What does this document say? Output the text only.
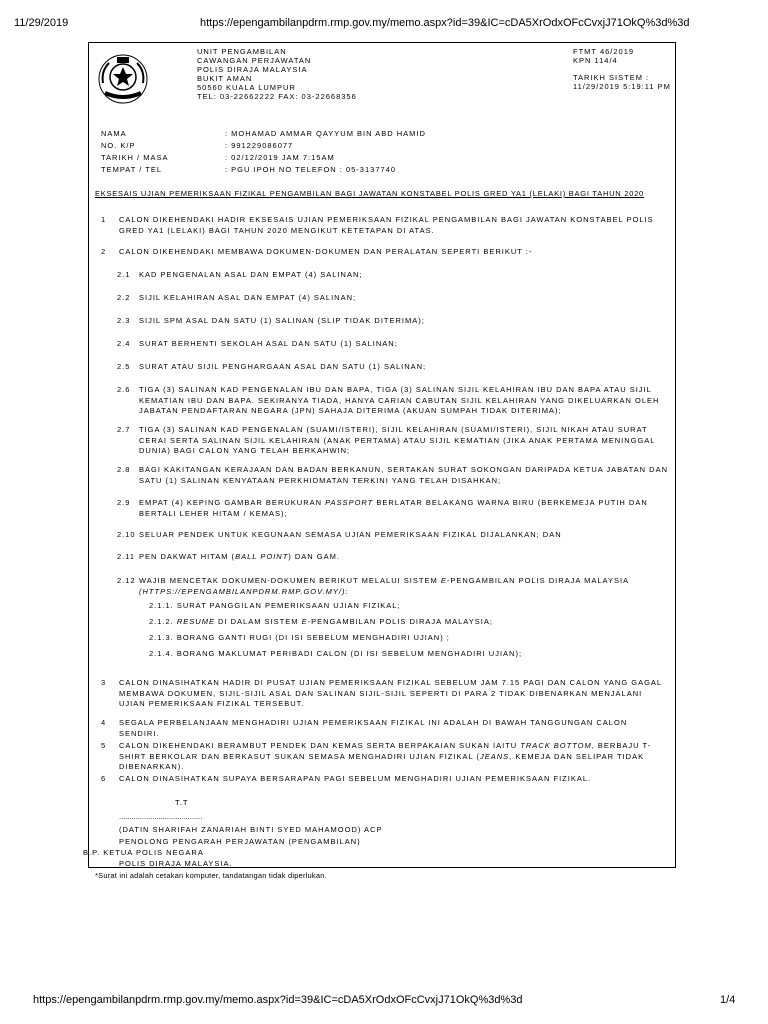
11/29/2019	https://epengambilanpdrm.rmp.gov.my/memo.aspx?id=39&IC=cDA5XrOdxOFcCvxjJ71OkQ%3d%3d
UNIT PENGAMBILAN
CAWANGAN PERJAWATAN
POLIS DIRAJA MALAYSIA
BUKIT AMAN
50560 KUALA LUMPUR
TEL: 03-22662222 FAX: 03-22668356
FTMT 46/2019
KPN 114/4
TARIKH SISTEM :
11/29/2019 5:19:11 PM
NAMA	: MOHAMAD AMMAR QAYYUM BIN ABD HAMID
NO. K/P	: 991229086077
TARIKH / MASA	: 02/12/2019 JAM 7:15AM
TEMPAT / TEL	: PGU IPOH NO TELEFON : 05-3137740
EKSESAIS UJIAN PEMERIKSAAN FIZIKAL PENGAMBILAN BAGI JAWATAN KONSTABEL POLIS GRED YA1 (LELAKI) BAGI TAHUN 2020
1 CALON DIKEHENDAKI HADIR EKSESAIS UJIAN PEMERIKSAAN FIZIKAL PENGAMBILAN BAGI JAWATAN KONSTABEL POLIS GRED YA1 (LELAKI) BAGI TAHUN 2020 MENGIKUT KETETAPAN DI ATAS.
2 CALON DIKEHENDAKI MEMBAWA DOKUMEN-DOKUMEN DAN PERALATAN SEPERTI BERIKUT :-
2.1 KAD PENGENALAN ASAL DAN EMPAT (4) SALINAN;
2.2 SIJIL KELAHIRAN ASAL DAN EMPAT (4) SALINAN;
2.3 SIJIL SPM ASAL DAN SATU (1) SALINAN (SLIP TIDAK DITERIMA);
2.4 SURAT BERHENTI SEKOLAH ASAL DAN SATU (1) SALINAN;
2.5 SURAT ATAU SIJIL PENGHARGAAN ASAL DAN SATU (1) SALINAN;
2.6 TIGA (3) SALINAN KAD PENGENALAN IBU DAN BAPA, TIGA (3) SALINAN SIJIL KELAHIRAN IBU DAN BAPA ATAU SIJIL KEMATIAN IBU DAN BAPA. SEKIRANYA TIADA, HANYA CARIAN CABUTAN SIJIL KELAHIRAN YANG DIKELUARKAN OLEH JABATAN PENDAFTARAN NEGARA (JPN) SAHAJA DITERIMA (AKUAN SUMPAH TIDAK DITERIMA);
2.7 TIGA (3) SALINAN KAD PENGENALAN (SUAMI/ISTERI), SIJIL KELAHIRAN (SUAMI/ISTERI), SIJIL NIKAH ATAU SURAT CERAI SERTA SALINAN SIJIL KELAHIRAN (ANAK PERTAMA) ATAU SIJIL KEMATIAN (JIKA ANAK PERTAMA MENINGGAL DUNIA) BAGI CALON YANG TELAH BERKAHWIN;
2.8 BAGI KAKITANGAN KERAJAAN DAN BADAN BERKANUN, SERTAKAN SURAT SOKONGAN DARIPADA KETUA JABATAN DAN SATU (1) SALINAN KENYATAAN PERKHIDMATAN TERKINI YANG TELAH DISAHKAN;
2.9 EMPAT (4) KEPING GAMBAR BERUKURAN PASSPORT BERLATAR BELAKANG WARNA BIRU (BERKEMEJA PUTIH DAN BERTALI LEHER HITAM / KEMAS);
2.10 SELUAR PENDEK UNTUK KEGUNAAN SEMASA UJIAN PEMERIKSAAN FIZIKAL DIJALANKAN; DAN
2.11 PEN DAKWAT HITAM (BALL POINT) DAN GAM.
2.12 WAJIB MENCETAK DOKUMEN-DOKUMEN BERIKUT MELALUI SISTEM E-PENGAMBILAN POLIS DIRAJA MALAYSIA (HTTPS://EPENGAMBILANPDRM.RMP.GOV.MY/):
2.1.1. SURAT PANGGILAN PEMERIKSAAN UJIAN FIZIKAL;
2.1.2. RESUME DI DALAM SISTEM E-PENGAMBILAN POLIS DIRAJA MALAYSIA;
2.1.3. BORANG GANTI RUGI (DI ISI SEBELUM MENGHADIRI UJIAN) ;
2.1.4. BORANG MAKLUMAT PERIBADI CALON (DI ISI SEBELUM MENGHADIRI UJIAN);
3 CALON DINASIHATKAN HADIR DI PUSAT UJIAN PEMERIKSAAN FIZIKAL SEBELUM JAM 7.15 PAGI DAN CALON YANG GAGAL MEMBAWA DOKUMEN, SIJIL-SIJIL ASAL DAN SALINAN SIJIL-SIJIL SEPERTI DI PARA 2 TIDAK DIBENARKAN MENJALANI UJIAN PEMERIKSAAN FIZIKAL TERSEBUT.
4 SEGALA PERBELANJAAN MENGHADIRI UJIAN PEMERIKSAAN FIZIKAL INI ADALAH DI BAWAH TANGGUNGAN CALON SENDIRI.
5 CALON DIKEHENDAKI BERAMBUT PENDEK DAN KEMAS SERTA BERPAKAIAN SUKAN IAITU TRACK BOTTOM, BERBAJU T-SHIRT BERKOLAR DAN BERKASUT SUKAN SEMASA MENGHADIRI UJIAN FIZIKAL (JEANS, KEMEJA DAN SELIPAR TIDAK DIBENARKAN).
6 CALON DINASIHATKAN SUPAYA BERSARAPAN PAGI SEBELUM MENGHADIRI UJIAN PEMERIKSAAN FIZIKAL.
T.T
........................................
(DATIN SHARIFAH ZANARIAH BINTI SYED MAHAMOOD) ACP
PENOLONG PENGARAH PERJAWATAN (PENGAMBILAN)
B.P. KETUA POLIS NEGARA
POLIS DIRAJA MALAYSIA.
*Surat ini adalah cetakan komputer, tandatangan tidak diperlukan.
https://epengambilanpdrm.rmp.gov.my/memo.aspx?id=39&IC=cDA5XrOdxOFcCvxjJ71OkQ%3d%3d	1/4
